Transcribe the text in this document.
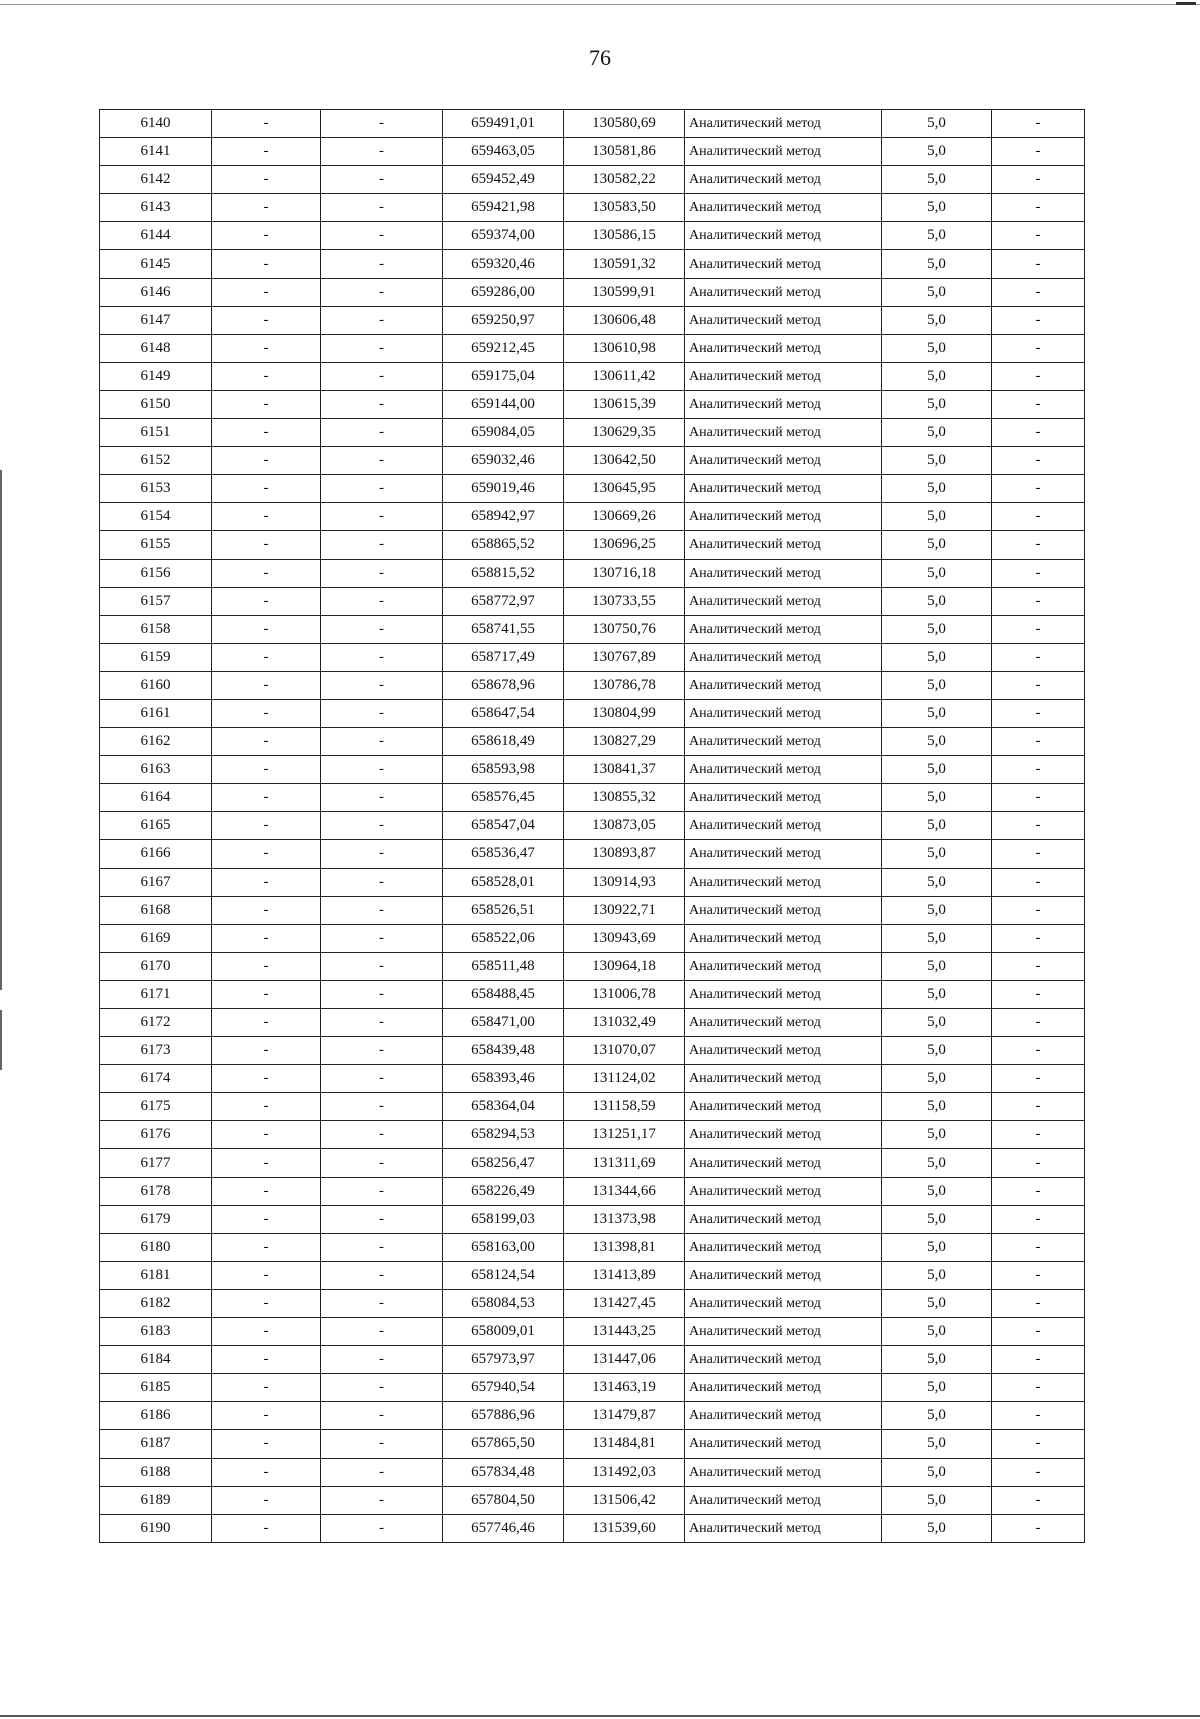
76
6140	-	-	659491,01	130580,69	Аналитический метод	5,0	-
6141	-	-	659463,05	130581,86	Аналитический метод	5,0	-
6142	-	-	659452,49	130582,22	Аналитический метод	5,0	-
6143	-	-	659421,98	130583,50	Аналитический метод	5,0	-
6144	-	-	659374,00	130586,15	Аналитический метод	5,0	-
6145	-	-	659320,46	130591,32	Аналитический метод	5,0	-
6146	-	-	659286,00	130599,91	Аналитический метод	5,0	-
6147	-	-	659250,97	130606,48	Аналитический метод	5,0	-
6148	-	-	659212,45	130610,98	Аналитический метод	5,0	-
6149	-	-	659175,04	130611,42	Аналитический метод	5,0	-
6150	-	-	659144,00	130615,39	Аналитический метод	5,0	-
6151	-	-	659084,05	130629,35	Аналитический метод	5,0	-
6152	-	-	659032,46	130642,50	Аналитический метод	5,0	-
6153	-	-	659019,46	130645,95	Аналитический метод	5,0	-
6154	-	-	658942,97	130669,26	Аналитический метод	5,0	-
6155	-	-	658865,52	130696,25	Аналитический метод	5,0	-
6156	-	-	658815,52	130716,18	Аналитический метод	5,0	-
6157	-	-	658772,97	130733,55	Аналитический метод	5,0	-
6158	-	-	658741,55	130750,76	Аналитический метод	5,0	-
6159	-	-	658717,49	130767,89	Аналитический метод	5,0	-
6160	-	-	658678,96	130786,78	Аналитический метод	5,0	-
6161	-	-	658647,54	130804,99	Аналитический метод	5,0	-
6162	-	-	658618,49	130827,29	Аналитический метод	5,0	-
6163	-	-	658593,98	130841,37	Аналитический метод	5,0	-
6164	-	-	658576,45	130855,32	Аналитический метод	5,0	-
6165	-	-	658547,04	130873,05	Аналитический метод	5,0	-
6166	-	-	658536,47	130893,87	Аналитический метод	5,0	-
6167	-	-	658528,01	130914,93	Аналитический метод	5,0	-
6168	-	-	658526,51	130922,71	Аналитический метод	5,0	-
6169	-	-	658522,06	130943,69	Аналитический метод	5,0	-
6170	-	-	658511,48	130964,18	Аналитический метод	5,0	-
6171	-	-	658488,45	131006,78	Аналитический метод	5,0	-
6172	-	-	658471,00	131032,49	Аналитический метод	5,0	-
6173	-	-	658439,48	131070,07	Аналитический метод	5,0	-
6174	-	-	658393,46	131124,02	Аналитический метод	5,0	-
6175	-	-	658364,04	131158,59	Аналитический метод	5,0	-
6176	-	-	658294,53	131251,17	Аналитический метод	5,0	-
6177	-	-	658256,47	131311,69	Аналитический метод	5,0	-
6178	-	-	658226,49	131344,66	Аналитический метод	5,0	-
6179	-	-	658199,03	131373,98	Аналитический метод	5,0	-
6180	-	-	658163,00	131398,81	Аналитический метод	5,0	-
6181	-	-	658124,54	131413,89	Аналитический метод	5,0	-
6182	-	-	658084,53	131427,45	Аналитический метод	5,0	-
6183	-	-	658009,01	131443,25	Аналитический метод	5,0	-
6184	-	-	657973,97	131447,06	Аналитический метод	5,0	-
6185	-	-	657940,54	131463,19	Аналитический метод	5,0	-
6186	-	-	657886,96	131479,87	Аналитический метод	5,0	-
6187	-	-	657865,50	131484,81	Аналитический метод	5,0	-
6188	-	-	657834,48	131492,03	Аналитический метод	5,0	-
6189	-	-	657804,50	131506,42	Аналитический метод	5,0	-
6190	-	-	657746,46	131539,60	Аналитический метод	5,0	-
